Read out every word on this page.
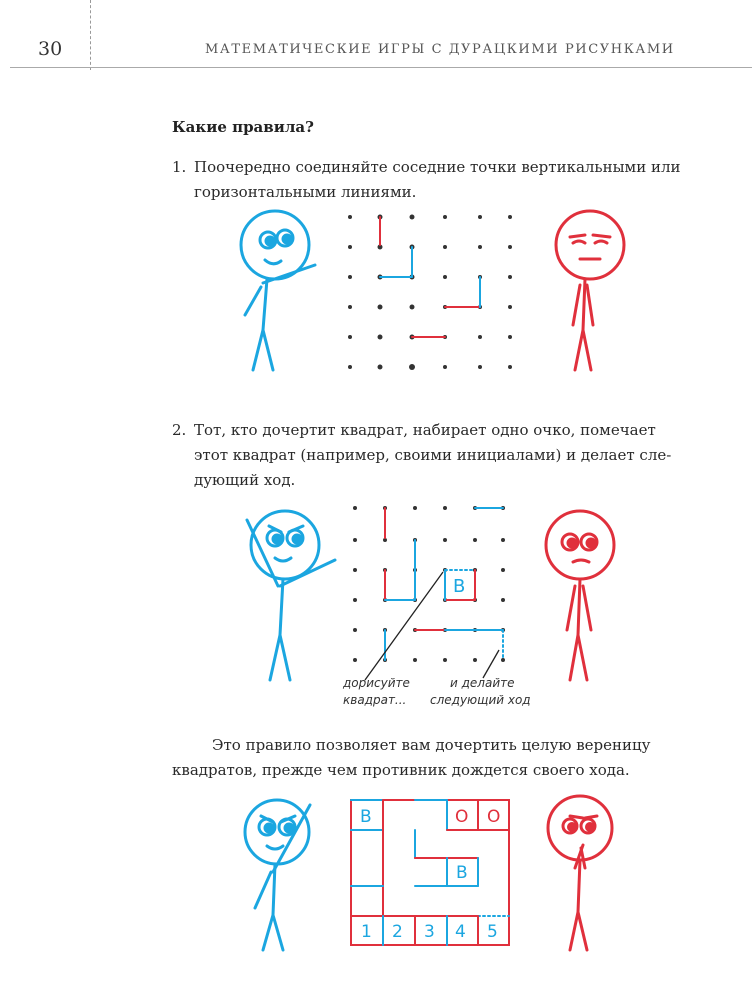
30	МАТЕМАТИЧЕСКИЕ ИГРЫ С ДУРАЦКИМИ РИСУНКАМИ
Какие правила?
1. Поочередно соединяйте соседние точки вертикальными или
горизонтальными линиями.
2. Тот, кто дочертит квадрат, набирает одно очко, помечает
этот квадрат (например, своими инициалами) и делает сле-
дующий ход.
B
дорисуйте
квадрат...
и делайте
следующий ход
Это правило позволяет вам дочертить целую вереницу
квадратов, прежде чем противник дождется своего хода.
B	O O
B
1 2 3 4 5
